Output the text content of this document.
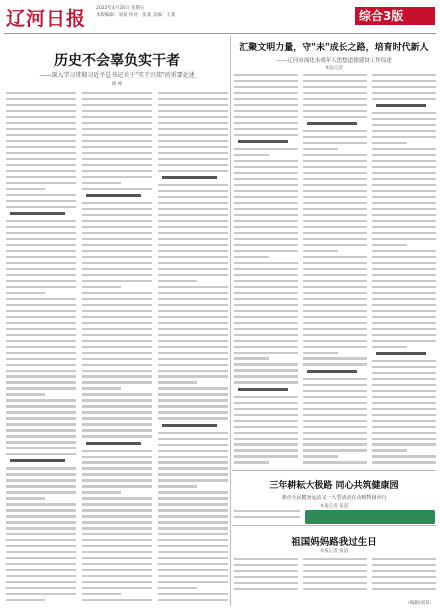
辽河日报 2022年4月26日 星期五
本版编辑：刘某 校对：张某 美编：王某	综合3版
历史不会辜负实干者
——深入学习贯彻习近平总书记关于"实干兴邦"的重要论述
晓 峰
汇聚文明力量，守"未"成长之路，培育时代新人
——辽河市深化未成年人思想道德建设工作综述
本报记者
三年耕耘大极路 同心共筑健康园
我市全民健身运动又一大型活动在动植物园举行
本报记者 报道
祖国妈妈路我过生日
本报记者 报道
（编辑/刘某）
